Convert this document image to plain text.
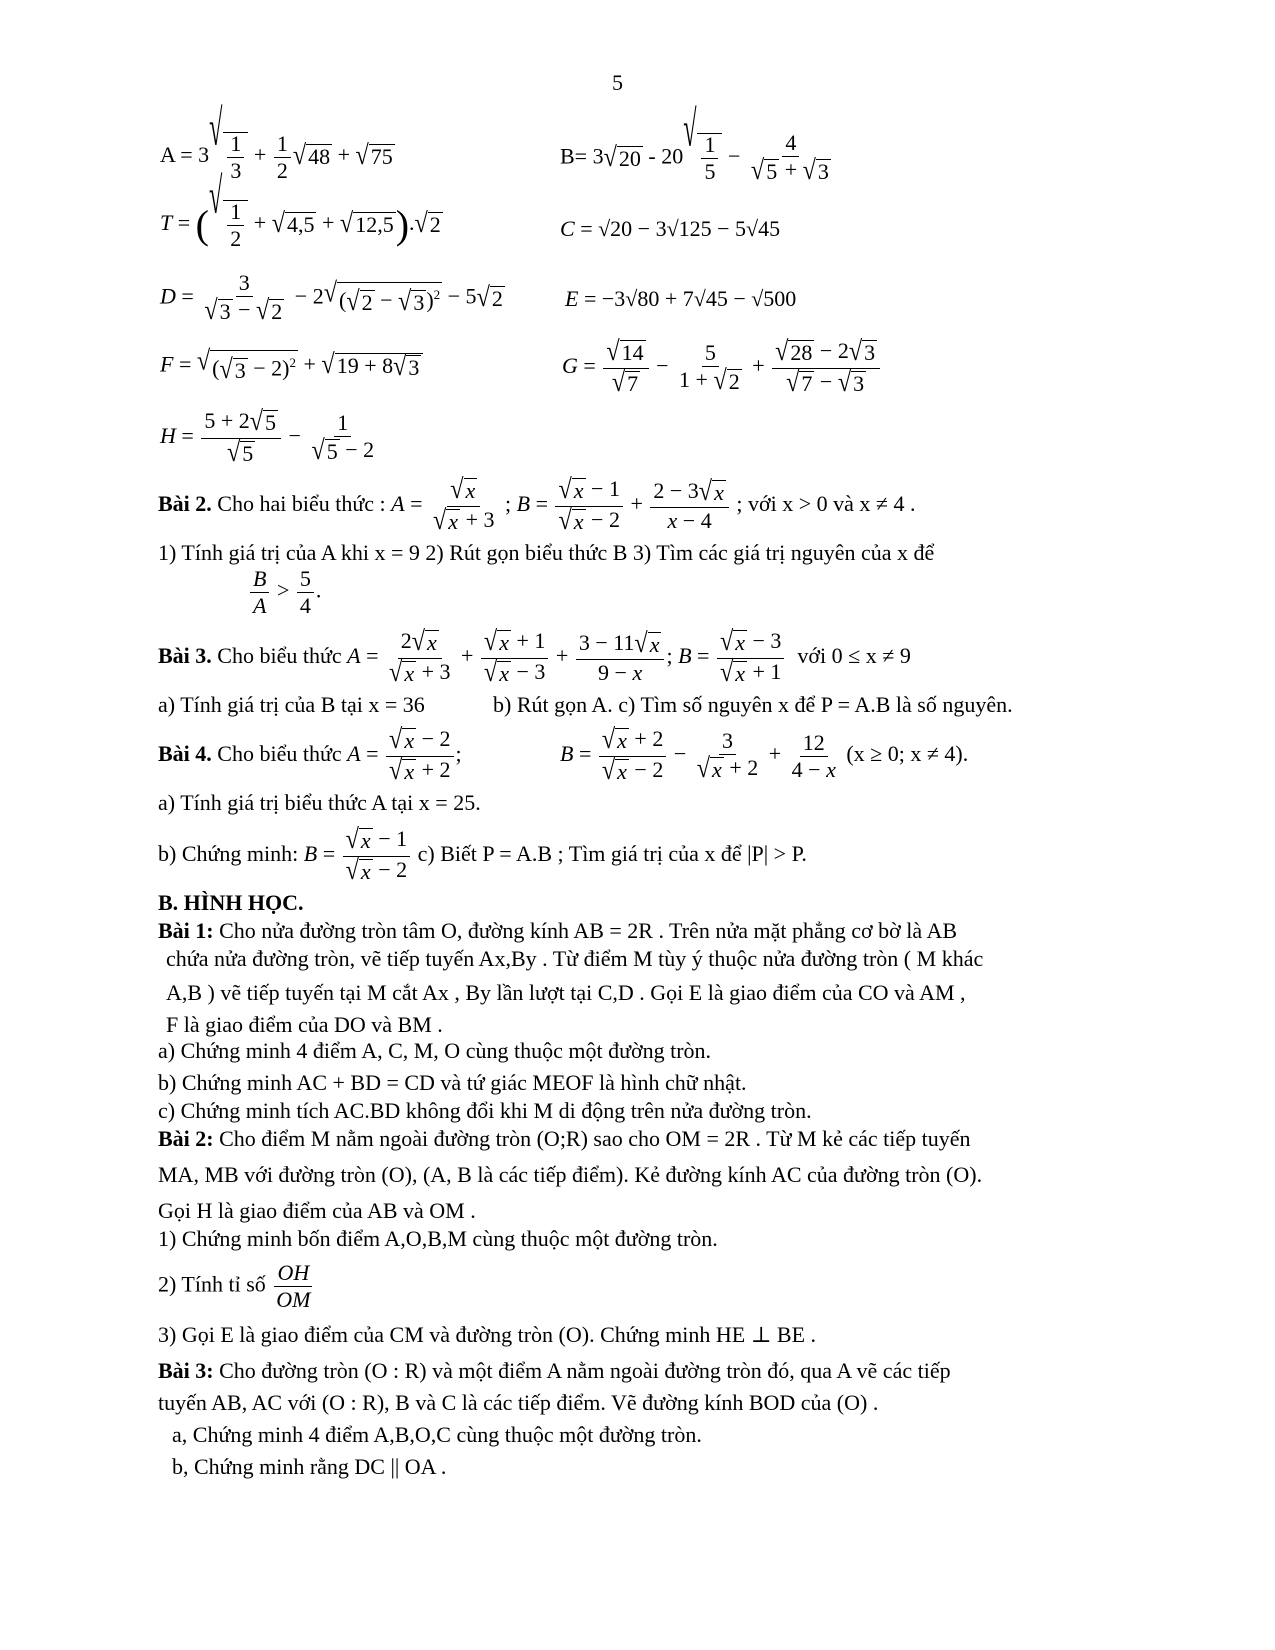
5
A = 3 √
$\frac{1}{3} + \frac{1}{2}$ √ 48 + √ 75	B= 3 √ 20 - 20 √
$\frac{1}{5} - \frac{4}{√ 5 + √ 3}$
T = ( √
$\frac{1}{2}$ + √ 4,5 + √ 12,5 ). √ 2	C = √20 − 3√125 − 5√45
$D = \frac{3}{√ 3 - √ 2} - 2$ √ ( √ 2 − √ 3 )$^2$ − 5 √ 2	E = −3√80 + 7√45 − √500
F = √ ( √ 3 − 2)$^2$ + √ 19 + 8 √ 3	$G = \frac{√ 14}{√ 7} - \frac{5}{1 + √ 2} + \frac{√ 28 - 2 √ 3}{√ 7 - √ 3}$
$H = \frac{5 + 2 √ 5}{√ 5} - \frac{1}{√ 5 - 2}$
Bài 2. Cho hai biểu thức : $A = \frac{√ x}{√ x + 3}$ ; $B = \frac{√ x - 1}{√ x - 2} + \frac{2 - 3 √ x}{x - 4}$ ; với x > 0 và x ≠ 4 .
1) Tính giá trị của A khi x = 9 2) Rút gọn biểu thức B 3) Tìm các giá trị nguyên của x để
$\frac{B}{A} > \frac{5}{4}$ .
Bài 3. Cho biểu thức $A = \frac{2 √ x}{√ x + 3} + \frac{√ x + 1}{√ x - 3} + \frac{3 - 11 √ x}{9 - x}$ ; $B = \frac{√ x - 3}{√ x + 1}$ với 0 ≤ x ≠ 9
a) Tính giá trị của B tại x = 36	b) Rút gọn A. c) Tìm số nguyên x để P = A.B là số nguyên.
Bài 4. Cho biểu thức $A = \frac{√ x - 2}{√ x + 2}$ ;	$B = \frac{√ x + 2}{√ x - 2} - \frac{3}{√ x + 2} + \frac{12}{4 - x} (x \ge 0$; x ≠ 4).
a) Tính giá trị biểu thức A tại x = 25.
b) Chứng minh: $B = \frac{√ x - 1}{√ x - 2} c$) Biết P = A.B ; Tìm giá trị của x để |P| > P.
B. HÌNH HỌC.
Bài 1: Cho nửa đường tròn tâm O, đường kính AB = 2R . Trên nửa mặt phẳng cơ bờ là AB
chứa nửa đường tròn, vẽ tiếp tuyến Ax,By . Từ điểm M tùy ý thuộc nửa đường tròn ( M khác
A,B ) vẽ tiếp tuyến tại M cắt Ax , By lần lượt tại C,D . Gọi E là giao điểm của CO và AM ,
F là giao điểm của DO và BM .
a) Chứng minh 4 điểm A, C, M, O cùng thuộc một đường tròn.
b) Chứng minh AC + BD = CD và tứ giác MEOF là hình chữ nhật.
c) Chứng minh tích AC.BD không đổi khi M di động trên nửa đường tròn.
Bài 2: Cho điểm M nằm ngoài đường tròn (O;R) sao cho OM = 2R . Từ M kẻ các tiếp tuyến
MA, MB với đường tròn (O), (A, B là các tiếp điểm). Kẻ đường kính AC của đường tròn (O).
Gọi H là giao điểm của AB và OM .
1) Chứng minh bốn điểm A,O,B,M cùng thuộc một đường tròn.
2) Tính tỉ số $\frac{OH}{OM}$
3) Gọi E là giao điểm của CM và đường tròn (O). Chứng minh HE ⊥ BE .
Bài 3: Cho đường tròn (O : R) và một điểm A nằm ngoài đường tròn đó, qua A vẽ các tiếp
tuyến AB, AC với (O : R), B và C là các tiếp điểm. Vẽ đường kính BOD của (O) .
a, Chứng minh 4 điểm A,B,O,C cùng thuộc một đường tròn.
b, Chứng minh rằng DC || OA .
